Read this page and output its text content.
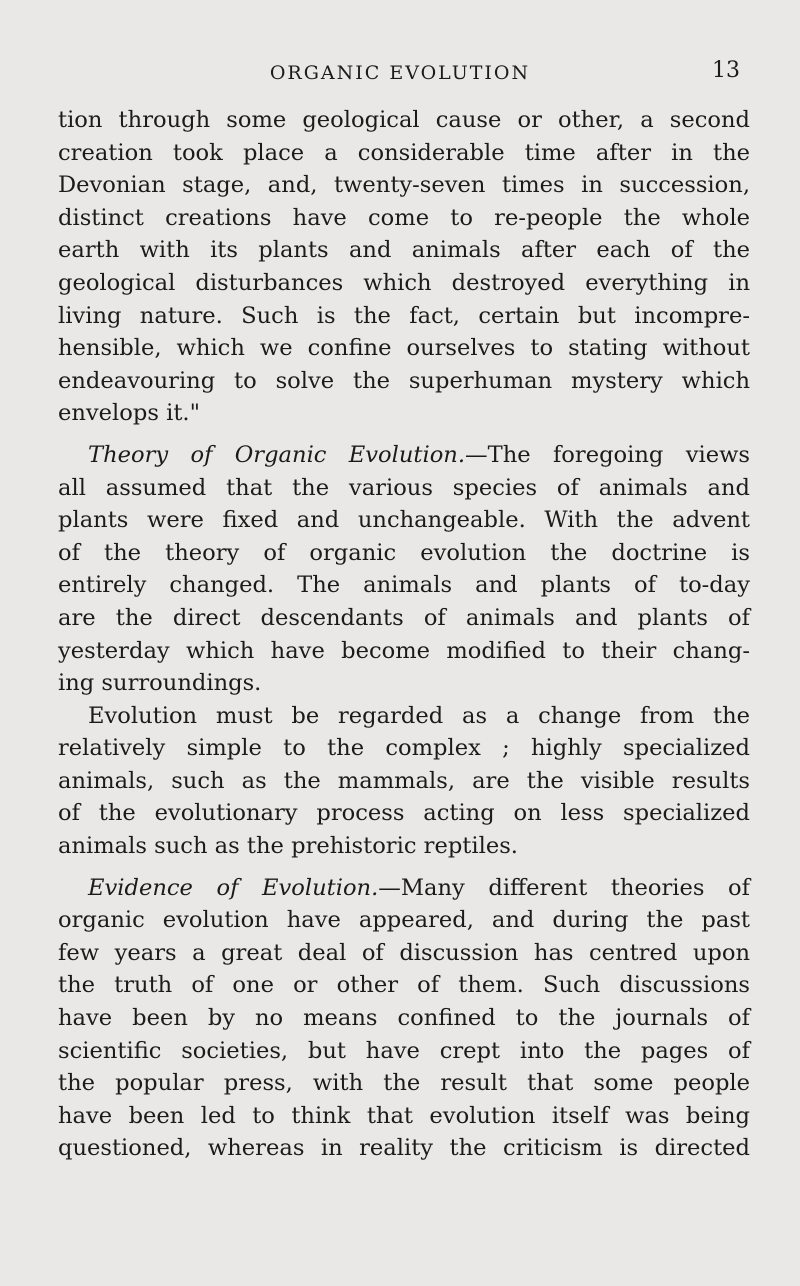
ORGANIC EVOLUTION	13
tion through some geological cause or other, a second
creation took place a considerable time after in the
Devonian stage, and, twenty-seven times in succession,
distinct creations have come to re-people the whole
earth with its plants and animals after each of the
geological disturbances which destroyed everything in
living nature. Such is the fact, certain but incompre-
hensible, which we confine ourselves to stating without
endeavouring to solve the superhuman mystery which
envelops it."
Theory of Organic Evolution.—The foregoing views
all assumed that the various species of animals and
plants were fixed and unchangeable. With the advent
of the theory of organic evolution the doctrine is
entirely changed. The animals and plants of to-day
are the direct descendants of animals and plants of
yesterday which have become modified to their chang-
ing surroundings.
Evolution must be regarded as a change from the
relatively simple to the complex ; highly specialized
animals, such as the mammals, are the visible results
of the evolutionary process acting on less specialized
animals such as the prehistoric reptiles.
Evidence of Evolution.—Many different theories of
organic evolution have appeared, and during the past
few years a great deal of discussion has centred upon
the truth of one or other of them. Such discussions
have been by no means confined to the journals of
scientific societies, but have crept into the pages of
the popular press, with the result that some people
have been led to think that evolution itself was being
questioned, whereas in reality the criticism is directed
